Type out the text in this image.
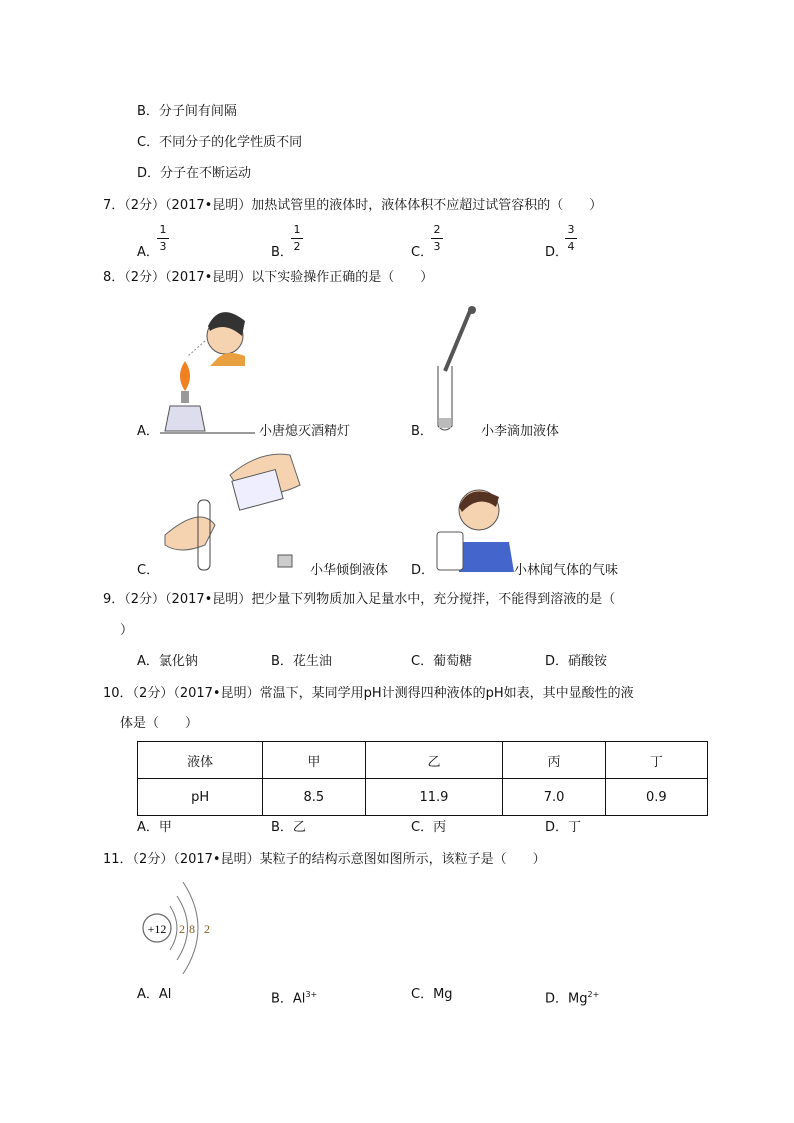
B．分子间有间隔
C．不同分子的化学性质不同
D．分子在不断运动
7．（2分）（2017•昆明）加热试管里的液体时，液体体积不应超过试管容积的（　　）
A．
1
3	B．
1
2	C．
2
3	D．
3
4
8．（2分）（2017•昆明）以下实验操作正确的是（　　）
A．	小唐熄灭酒精灯	B．	小李滴加液体
C．	小华倾倒液体 D．	小林闻气体的气味
9．（2分）（2017•昆明）把少量下列物质加入足量水中，充分搅拌，不能得到溶液的是（
）
A．氯化钠	B．花生油	C．葡萄糖	D．硝酸铵
10．（2分）（2017•昆明）常温下，某同学用pH计测得四种液体的pH如表，其中显酸性的液
体是（　　）
液体	甲	乙	丙	丁
pH	8.5	11.9	7.0	0.9
A．甲	B．乙	C．丙	D．丁
11．（2分）（2017•昆明）某粒子的结构示意图如图所示，该粒子是（　　）
+12 2 8 2
A．Al	B．$Al^{3+}$	C．Mg	D．$Mg^{2+}$
